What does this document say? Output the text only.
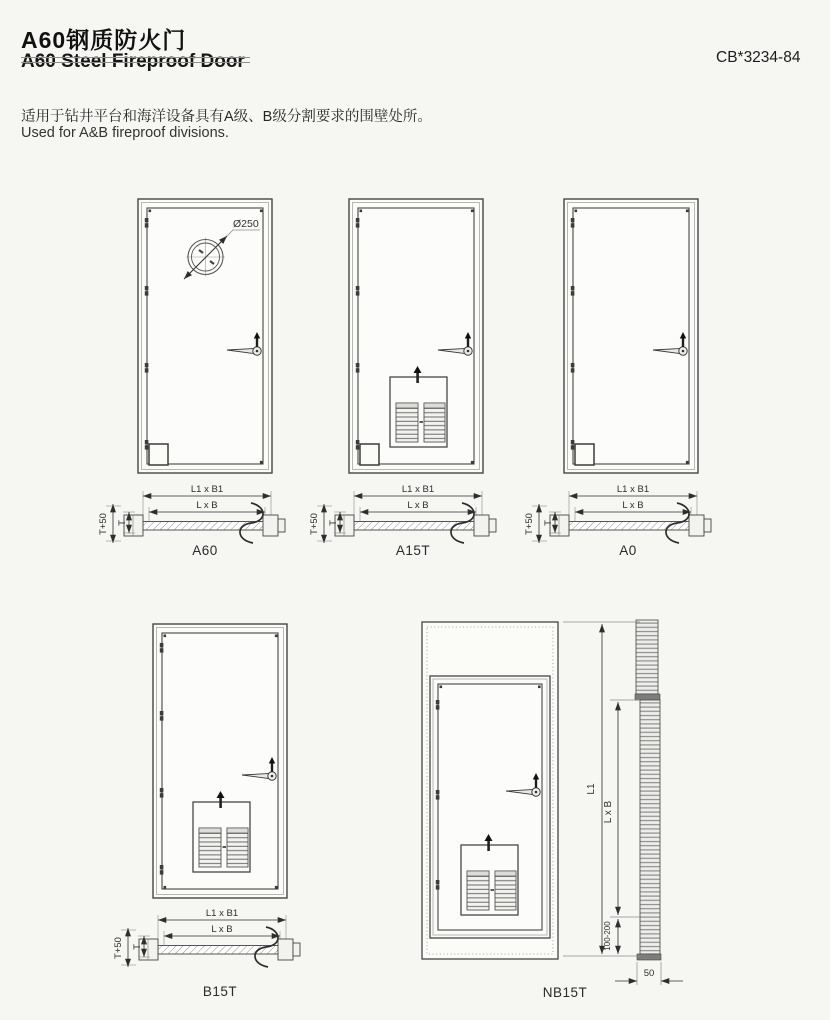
A60钢质防火门
A60 Steel Fireproof Door	CB*3234-84

适用于钻井平台和海洋设备具有A级、B级分割要求的围壁处所。

Used for A&B fireproof divisions.

Ø250
L1 x B1
L x B
T+50 T
A60
L1 x B1
L x B
T+50 T
A15T
L1 x B1
L x B
T+50 T
A0
L1 x B1
L x B
T+50 T
B15T
L1
L x B
100-200
50
NB15T
